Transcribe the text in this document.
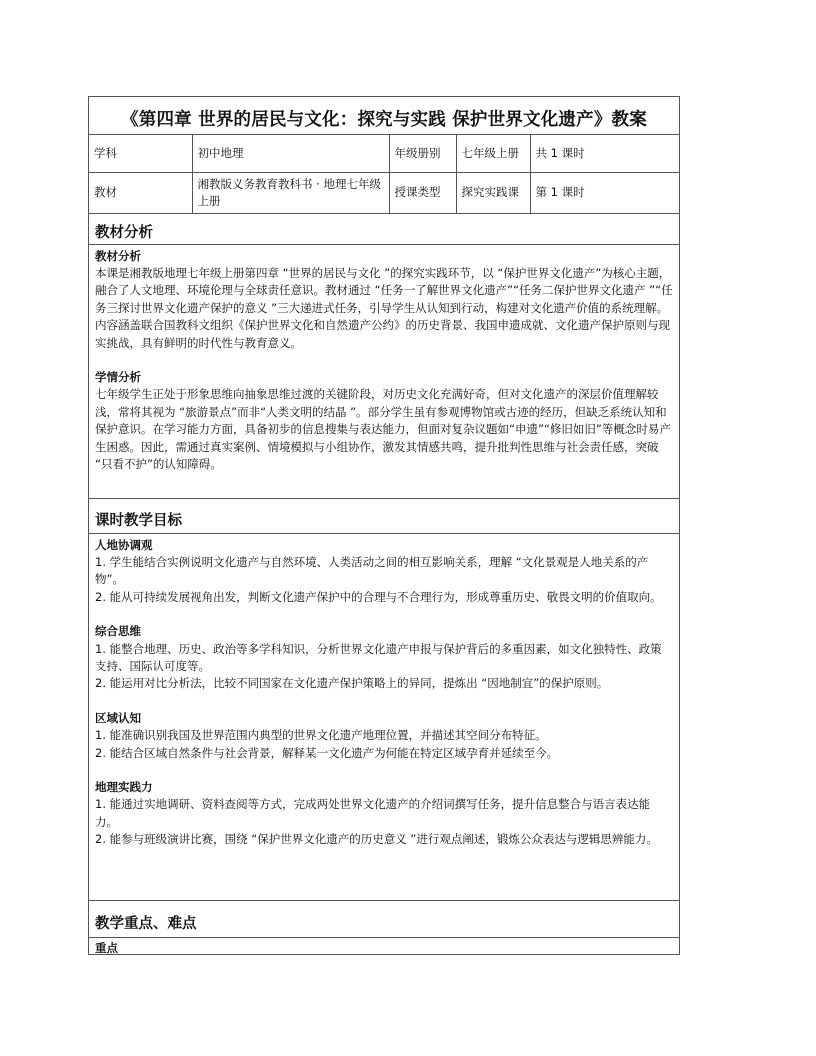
《第四章 世界的居民与文化：探究与实践 保护世界文化遗产》教案
学科	初中地理	年级册别	七年级上册	共 1 课时
教材	湘教版义务教育教科书 · 地理七年级上册	授课类型	探究实践课	第 1 课时
教材分析

教材分析

本课是湘教版地理七年级上册第四章 “世界的居民与文化 ”的探究实践环节，以 “保护世界文化遗产”为核心主题，融合了人文地理、环境伦理与全球责任意识。教材通过 “任务一了解世界文化遗产”“任务二保护世界文化遗产 ”“任务三探讨世界文化遗产保护的意义 ”三大递进式任务，引导学生从认知到行动，构建对文化遗产价值的系统理解。内容涵盖联合国教科文组织《保护世界文化和自然遗产公约》的历史背景、我国申遗成就、文化遗产保护原则与现实挑战，具有鲜明的时代性与教育意义。

学情分析

七年级学生正处于形象思维向抽象思维过渡的关键阶段，对历史文化充满好奇，但对文化遗产的深层价值理解较浅，常将其视为 “旅游景点”而非“人类文明的结晶 ”。部分学生虽有参观博物馆或古迹的经历，但缺乏系统认知和保护意识。在学习能力方面，具备初步的信息搜集与表达能力，但面对复杂议题如“申遗”“修旧如旧”等概念时易产生困惑。因此，需通过真实案例、情境模拟与小组协作，激发其情感共鸣，提升批判性思维与社会责任感，突破 “只看不护”的认知障碍。

课时教学目标

人地协调观

1. 学生能结合实例说明文化遗产与自然环境、人类活动之间的相互影响关系，理解 “文化景观是人地关系的产物”。

2. 能从可持续发展视角出发，判断文化遗产保护中的合理与不合理行为，形成尊重历史、敬畏文明的价值取向。

综合思维

1. 能整合地理、历史、政治等多学科知识，分析世界文化遗产申报与保护背后的多重因素，如文化独特性、政策支持、国际认可度等。

2. 能运用对比分析法，比较不同国家在文化遗产保护策略上的异同，提炼出 “因地制宜”的保护原则。

区域认知

1. 能准确识别我国及世界范围内典型的世界文化遗产地理位置，并描述其空间分布特征。

2. 能结合区域自然条件与社会背景，解释某一文化遗产为何能在特定区域孕育并延续至今。

地理实践力

1. 能通过实地调研、资料查阅等方式，完成两处世界文化遗产的介绍词撰写任务，提升信息整合与语言表达能力。

2. 能参与班级演讲比赛，围绕 “保护世界文化遗产的历史意义 ”进行观点阐述，锻炼公众表达与逻辑思辨能力。

教学重点、难点
重点
